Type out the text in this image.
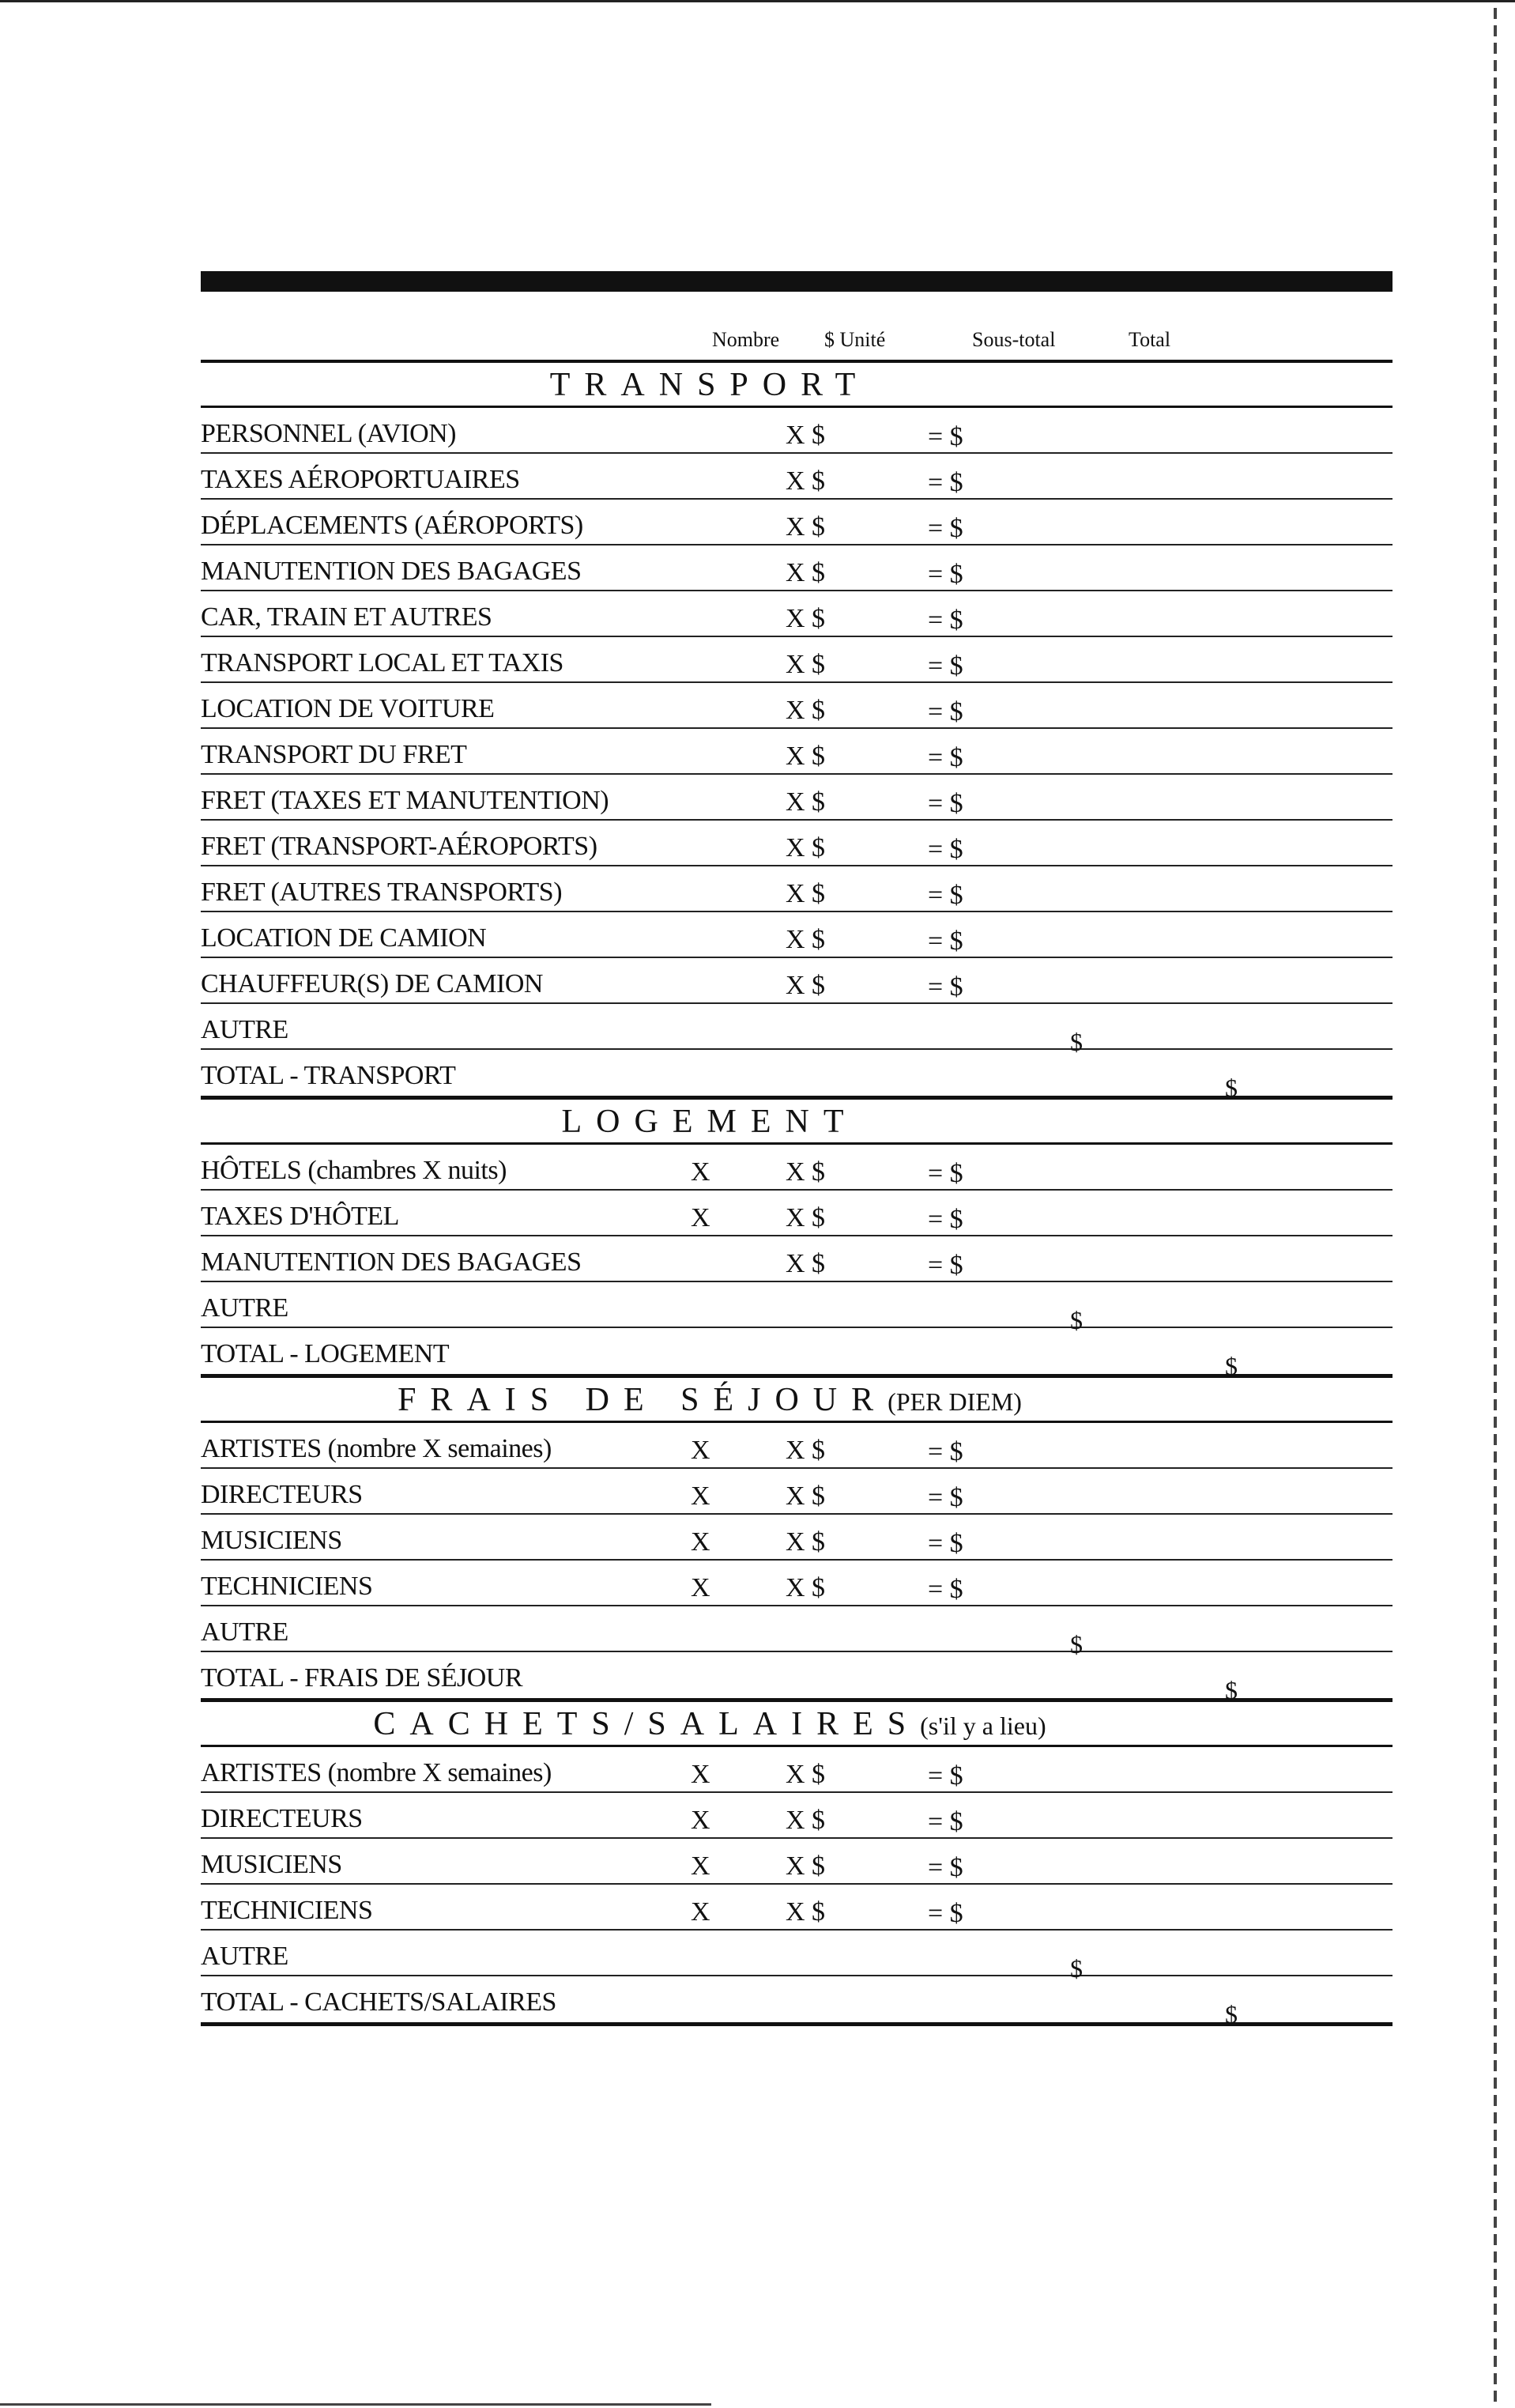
Nombre $ Unité	Sous-total	Total
TRANSPORT
PERSONNEL (AVION)	X $	= $
TAXES AÉROPORTUAIRES	X $	= $
DÉPLACEMENTS (AÉROPORTS)	X $	= $
MANUTENTION DES BAGAGES	X $	= $
CAR, TRAIN ET AUTRES	X $	= $
TRANSPORT LOCAL ET TAXIS	X $	= $
LOCATION DE VOITURE	X $	= $
TRANSPORT DU FRET	X $	= $
FRET (TAXES ET MANUTENTION)	X $	= $
FRET (TRANSPORT-AÉROPORTS)	X $	= $
FRET (AUTRES TRANSPORTS)	X $	= $
LOCATION DE CAMION	X $	= $
CHAUFFEUR(S) DE CAMION	X $	= $
AUTRE	$
TOTAL - TRANSPORT	$
LOGEMENT
HÔTELS (chambres X nuits)	X	X $	= $
TAXES D'HÔTEL	X	X $	= $
MANUTENTION DES BAGAGES	X $	= $
AUTRE	$
TOTAL - LOGEMENT	$
FRAIS DE SÉJOUR(PER DIEM)
ARTISTES (nombre X semaines)	X	X $	= $
DIRECTEURS	X	X $	= $
MUSICIENS	X	X $	= $
TECHNICIENS	X	X $	= $
AUTRE	$
TOTAL - FRAIS DE SÉJOUR	$
CACHETS/SALAIRES(s'il y a lieu)
ARTISTES (nombre X semaines)	X	X $	= $
DIRECTEURS	X	X $	= $
MUSICIENS	X	X $	= $
TECHNICIENS	X	X $	= $
AUTRE	$
TOTAL - CACHETS/SALAIRES	$
